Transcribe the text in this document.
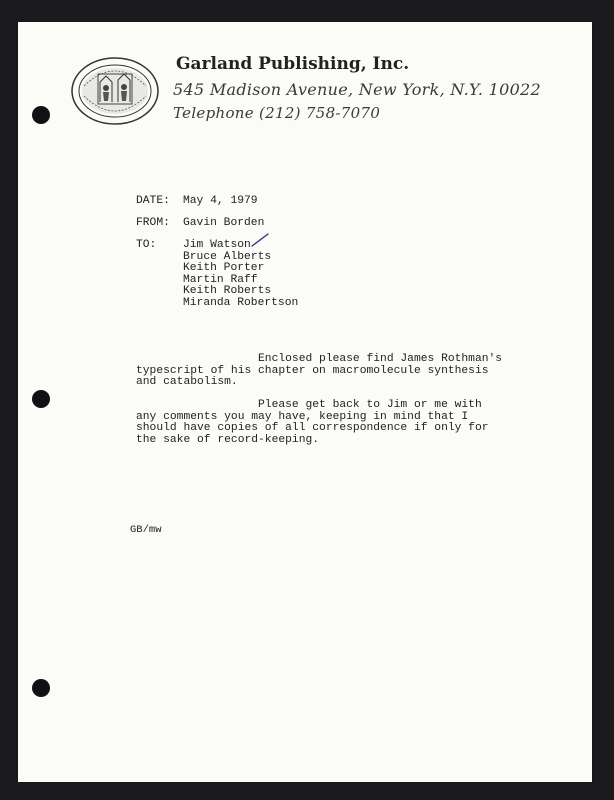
Garland Publishing, Inc.
545 Madison Avenue, New York, N.Y. 10022
Telephone (212) 758-7070
DATE: May 4, 1979
FROM: Gavin Borden
TO: Jim Watson
Bruce Alberts
Keith Porter
Martin Raff
Keith Roberts
Miranda Robertson
Enclosed please find James Rothman's
typescript of his chapter on macromolecule synthesis
and catabolism.
Please get back to Jim or me with
any comments you may have, keeping in mind that I
should have copies of all correspondence if only for
the sake of record-keeping.
GB/mw
